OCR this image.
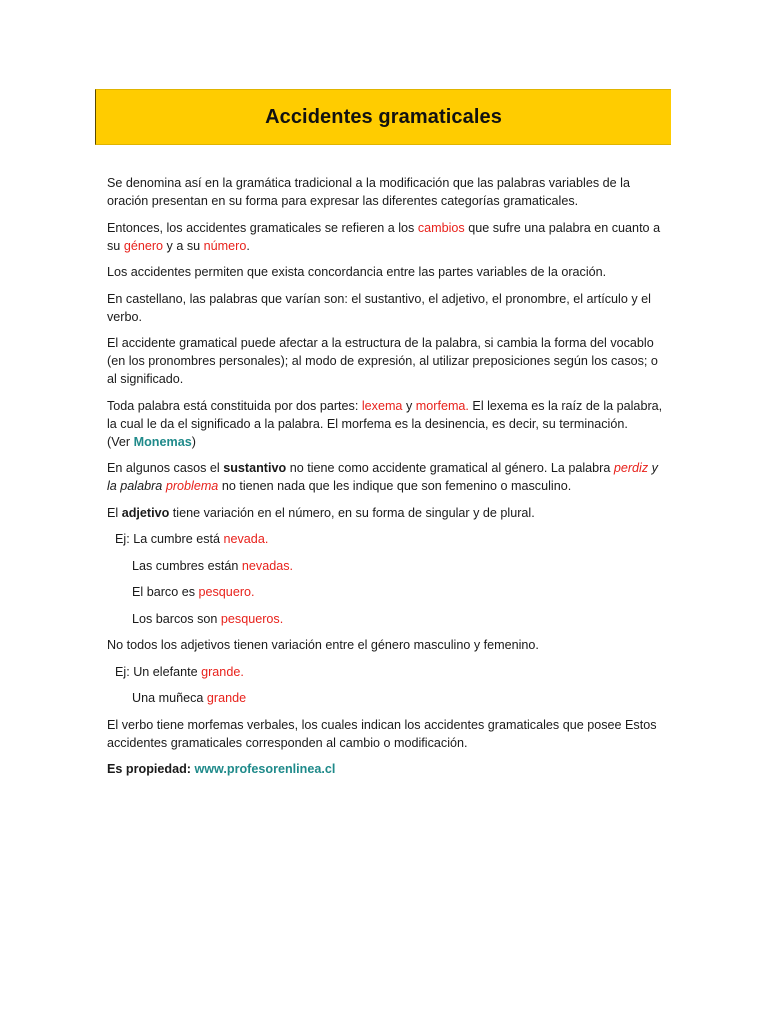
Accidentes gramaticales

Se denomina así en la gramática tradicional a la modificación que las palabras variables de la oración presentan en su forma para expresar las diferentes categorías gramaticales.

Entonces, los accidentes gramaticales se refieren a los cambios que sufre una palabra en cuanto a su género y a su número.

Los accidentes permiten que exista concordancia entre las partes variables de la oración.

En castellano, las palabras que varían son: el sustantivo, el adjetivo, el pronombre, el artículo y el verbo.

El accidente gramatical puede afectar a la estructura de la palabra, si cambia la forma del vocablo (en los pronombres personales); al modo de expresión, al utilizar preposiciones según los casos; o al significado.

Toda palabra está constituida por dos partes: lexema y morfema. El lexema es la raíz de la palabra, la cual le da el significado a la palabra. El morfema es la desinencia, es decir, su terminación.
(Ver Monemas)

En algunos casos el sustantivo no tiene como accidente gramatical al género. La palabra perdiz y la palabra problema no tienen nada que les indique que son femenino o masculino.

El adjetivo tiene variación en el número, en su forma de singular y de plural.

Ej: La cumbre está nevada.

Las cumbres están nevadas.

El barco es pesquero.

Los barcos son pesqueros.

No todos los adjetivos tienen variación entre el género masculino y femenino.

Ej: Un elefante grande.

Una muñeca grande

El verbo tiene morfemas verbales, los cuales indican los accidentes gramaticales que posee Estos accidentes gramaticales corresponden al cambio o modificación.

Es propiedad: www.profesorenlinea.cl
